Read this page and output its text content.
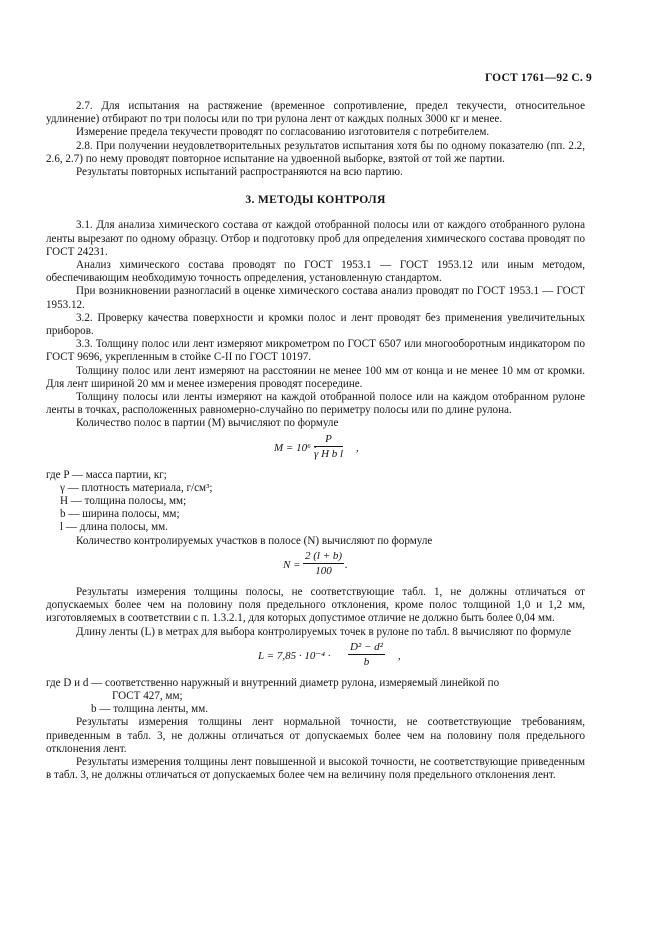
ГОСТ 1761—92 С. 9

2.7. Для испытания на растяжение (временное сопротивление, предел текучести, относительное удлинение) отбирают по три полосы или по три рулона лент от каждых полных 3000 кг и менее.

Измерение предела текучести проводят по согласованию изготовителя с потребителем.

2.8. При получении неудовлетворительных результатов испытания хотя бы по одному показателю (пп. 2.2, 2.6, 2.7) по нему проводят повторное испытание на удвоенной выборке, взятой от той же партии.

Результаты повторных испытаний распространяются на всю партию.

3. МЕТОДЫ КОНТРОЛЯ

3.1. Для анализа химического состава от каждой отобранной полосы или от каждого отобранного рулона ленты вырезают по одному образцу. Отбор и подготовку проб для определения химического состава проводят по ГОСТ 24231.

Анализ химического состава проводят по ГОСТ 1953.1 — ГОСТ 1953.12 или иным методом, обеспечивающим необходимую точность определения, установленную стандартом.

При возникновении разногласий в оценке химического состава анализ проводят по ГОСТ 1953.1 — ГОСТ 1953.12.

3.2. Проверку качества поверхности и кромки полос и лент проводят без применения увеличительных приборов.

3.3. Толщину полос или лент измеряют микрометром по ГОСТ 6507 или многооборотным индикатором по ГОСТ 9696, укрепленным в стойке С-II по ГОСТ 10197.

Толщину полос или лент измеряют на расстоянии не менее 100 мм от конца и не менее 10 мм от кромки. Для лент шириной 20 мм и менее измерения проводят посередине.

Толщину полосы или ленты измеряют на каждой отобранной полосе или на каждом отобранном рулоне ленты в точках, расположенных равномерно-случайно по периметру полосы или по длине рулона.

Количество полос в партии (M) вычисляют по формуле

M = 10⁶ ·
$\frac{P}{\text{γ H b l}}$ ,
где P — масса партии, кг;
γ — плотность материала, г/см³;
H — толщина полосы, мм;
b — ширина полосы, мм;
l — длина полосы, мм.

Количество контролируемых участков в полосе (N) вычисляют по формуле

$N = \frac{2 (l + b)}{100}$ .

Результаты измерения толщины полосы, не соответствующие табл. 1, не должны отличаться от допускаемых более чем на половину поля предельного отклонения, кроме полос толщиной 1,0 и 1,2 мм, изготовляемых в соответствии с п. 1.3.2.1, для которых допустимое отличие не должно быть более 0,04 мм.

Длину ленты (L) в метрах для выбора контролируемых точек в рулоне по табл. 8 вычисляют по формуле

$L = 7,85 \cdot 10^{-4} \cdot \frac{\text{D² − d²}}{b}$ ,
где D и d — соответственно наружный и внутренний диаметр рулона, измеряемый линейкой по
ГОСТ 427, мм;
b — толщина ленты, мм.

Результаты измерения толщины лент нормальной точности, не соответствующие требованиям, приведенным в табл. 3, не должны отличаться от допускаемых более чем на половину поля предельного отклонения лент.

Результаты измерения толщины лент повышенной и высокой точности, не соответствующие приведенным в табл. 3, не должны отличаться от допускаемых более чем на величину поля предельного отклонения лент.
